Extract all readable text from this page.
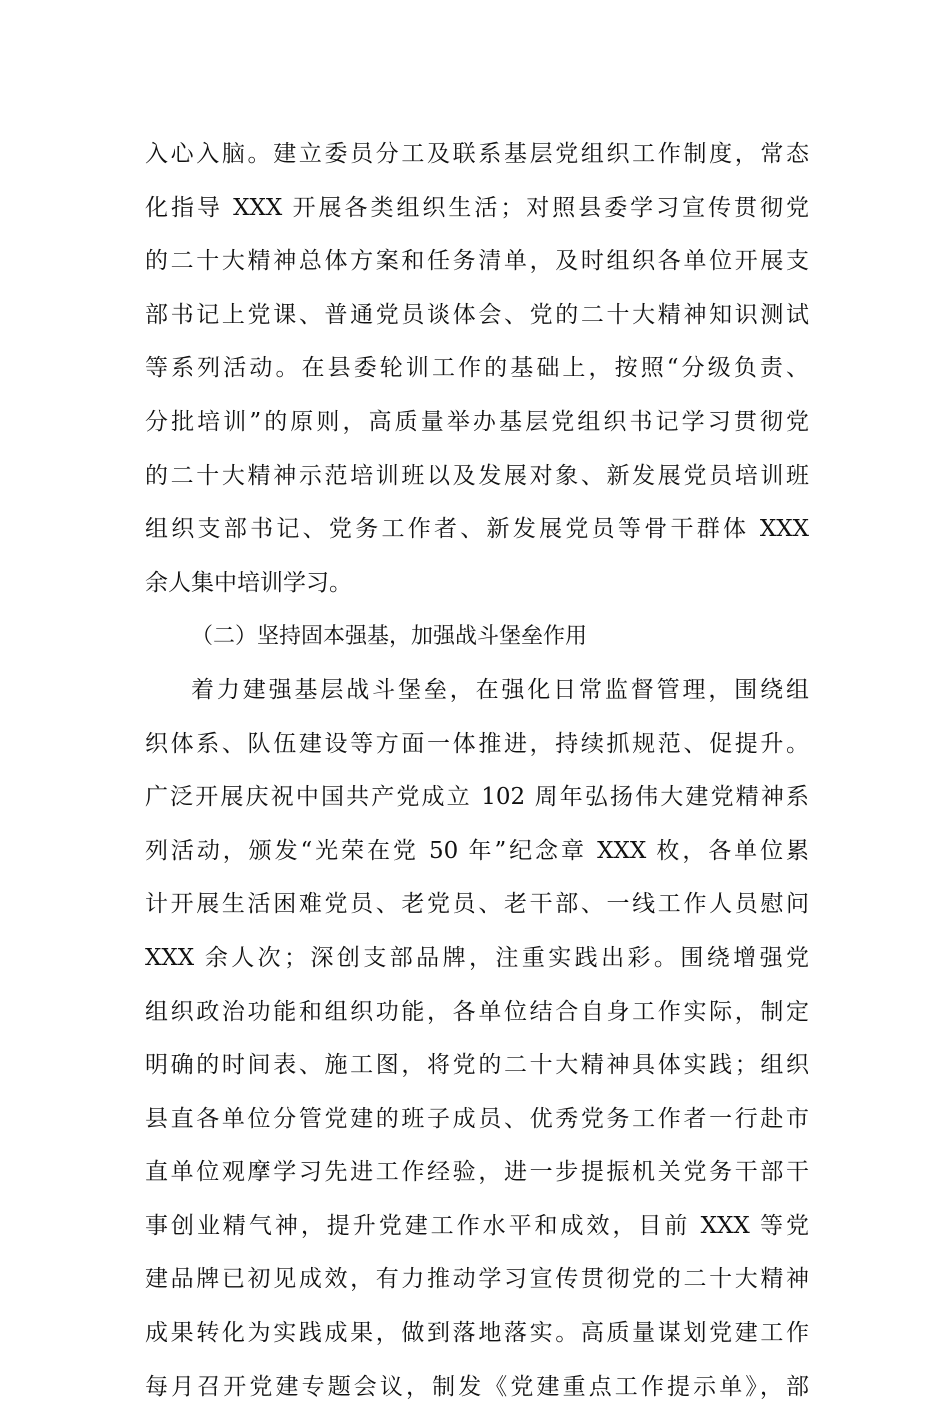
入心入脑。建立委员分工及联系基层党组织工作制度，常态
化指导 XXX 开展各类组织生活；对照县委学习宣传贯彻党
的二十大精神总体方案和任务清单，及时组织各单位开展支
部书记上党课、普通党员谈体会、党的二十大精神知识测试
等系列活动。在县委轮训工作的基础上，按照“分级负责、
分批培训”的原则，高质量举办基层党组织书记学习贯彻党
的二十大精神示范培训班以及发展对象、新发展党员培训班
组织支部书记、党务工作者、新发展党员等骨干群体 XXX
余人集中培训学习。
（二）坚持固本强基，加强战斗堡垒作用
着力建强基层战斗堡垒，在强化日常监督管理，围绕组
织体系、队伍建设等方面一体推进，持续抓规范、促提升。
广泛开展庆祝中国共产党成立 102 周年弘扬伟大建党精神系
列活动，颁发“光荣在党 50 年”纪念章 XXX 枚，各单位累
计开展生活困难党员、老党员、老干部、一线工作人员慰问
XXX 余人次；深创支部品牌，注重实践出彩。围绕增强党
组织政治功能和组织功能，各单位结合自身工作实际，制定
明确的时间表、施工图，将党的二十大精神具体实践；组织
县直各单位分管党建的班子成员、优秀党务工作者一行赴市
直单位观摩学习先进工作经验，进一步提振机关党务干部干
事创业精气神，提升党建工作水平和成效，目前 XXX 等党
建品牌已初见成效，有力推动学习宣传贯彻党的二十大精神
成果转化为实践成果，做到落地落实。高质量谋划党建工作
每月召开党建专题会议，制发《党建重点工作提示单》，部
